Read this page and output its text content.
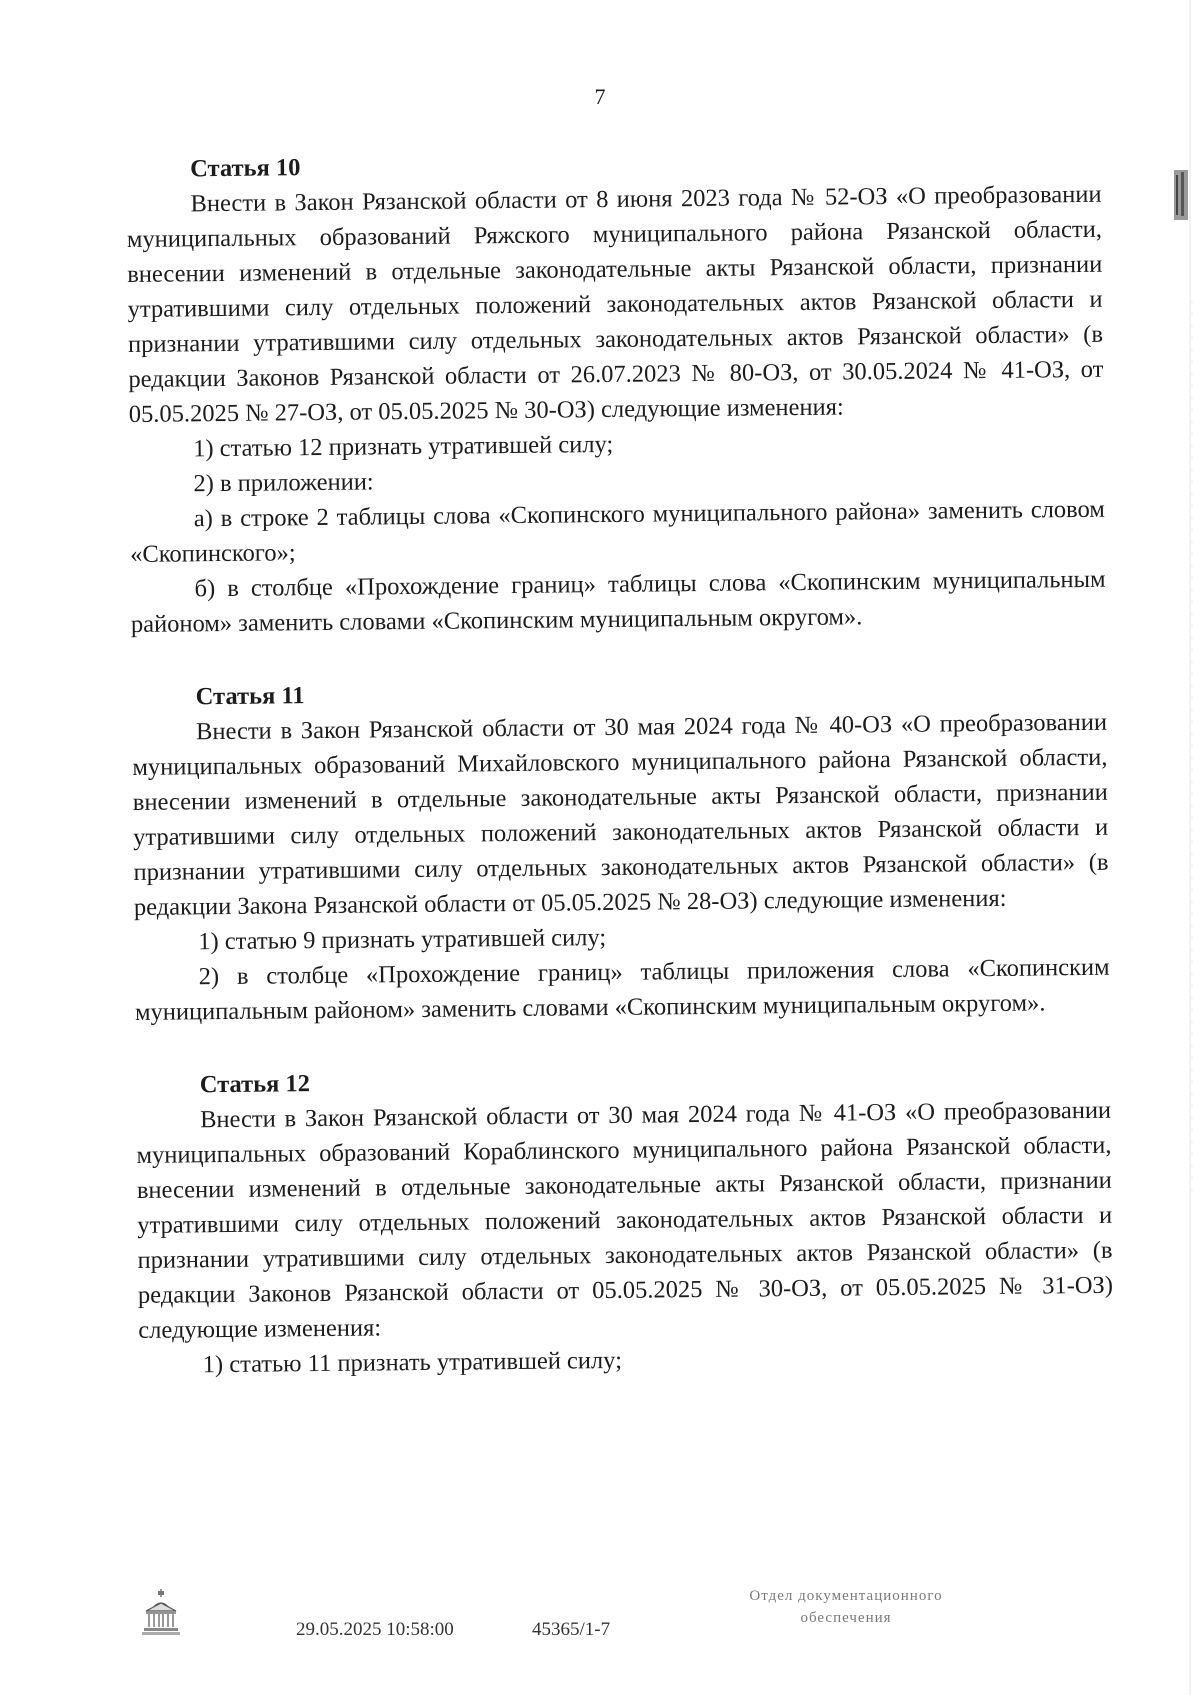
7
Статья 10

Внести в Закон Рязанской области от 8 июня 2023 года № 52-ОЗ «О преобразовании муниципальных образований Ряжского муниципального района Рязанской области, внесении изменений в отдельные законодательные акты Рязанской области, признании утратившими силу отдельных положений законодательных актов Рязанской области и признании утратившими силу отдельных законодательных актов Рязанской области» (в редакции Законов Рязанской области от 26.07.2023 № 80-ОЗ, от 30.05.2024 № 41-ОЗ, от 05.05.2025 № 27-ОЗ, от 05.05.2025 № 30-ОЗ) следующие изменения:

1) статью 12 признать утратившей силу;

2) в приложении:

а) в строке 2 таблицы слова «Скопинского муниципального района» заменить словом «Скопинского»;

б) в столбце «Прохождение границ» таблицы слова «Скопинским муниципальным районом» заменить словами «Скопинским муниципальным округом».

Статья 11

Внести в Закон Рязанской области от 30 мая 2024 года № 40-ОЗ «О преобразовании муниципальных образований Михайловского муниципального района Рязанской области, внесении изменений в отдельные законодательные акты Рязанской области, признании утратившими силу отдельных положений законодательных актов Рязанской области и признании утратившими силу отдельных законодательных актов Рязанской области» (в редакции Закона Рязанской области от 05.05.2025 № 28-ОЗ) следующие изменения:

1) статью 9 признать утратившей силу;

2) в столбце «Прохождение границ» таблицы приложения слова «Скопинским муниципальным районом» заменить словами «Скопинским муниципальным округом».

Статья 12

Внести в Закон Рязанской области от 30 мая 2024 года № 41-ОЗ «О преобразовании муниципальных образований Кораблинского муниципального района Рязанской области, внесении изменений в отдельные законодательные акты Рязанской области, признании утратившими силу отдельных положений законодательных актов Рязанской области и признании утратившими силу отдельных законодательных актов Рязанской области» (в редакции Законов Рязанской области от 05.05.2025 № 30-ОЗ, от 05.05.2025 № 31-ОЗ) следующие изменения:

1) статью 11 признать утратившей силу;

29.05.2025 10:58:00	45365/1-7
Отдел документационного
обеспечения
